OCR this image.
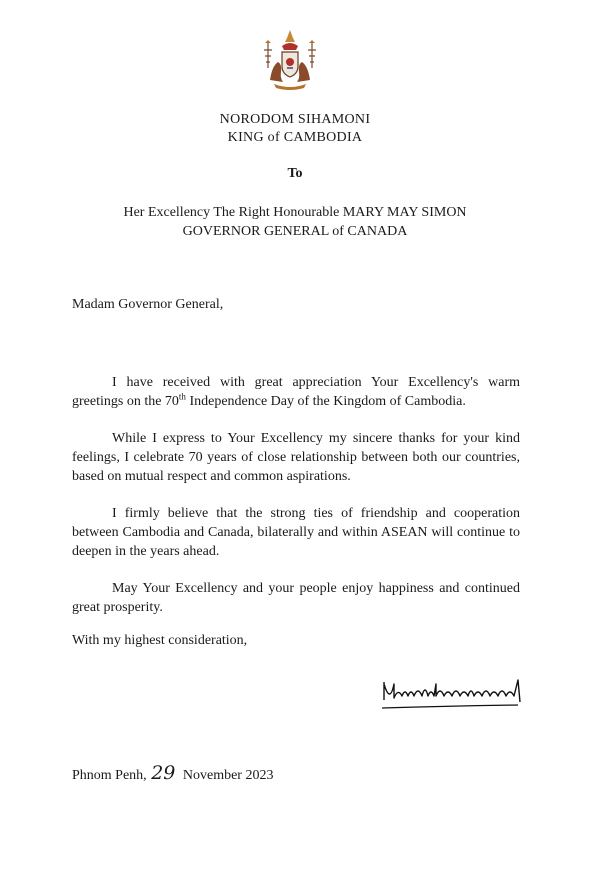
NORODOM SIHAMONI
KING of CAMBODIA
To
Her Excellency The Right Honourable MARY MAY SIMON
GOVERNOR GENERAL of CANADA
Madam Governor General,
I have received with great appreciation Your Excellency's warm greetings on the 70th Independence Day of the Kingdom of Cambodia.
While I express to Your Excellency my sincere thanks for your kind feelings, I celebrate 70 years of close relationship between both our countries, based on mutual respect and common aspirations.
I firmly believe that the strong ties of friendship and cooperation between Cambodia and Canada, bilaterally and within ASEAN will continue to deepen in the years ahead.
May Your Excellency and your people enjoy happiness and continued great prosperity.
With my highest consideration,
Phnom Penh, 29 November 2023
